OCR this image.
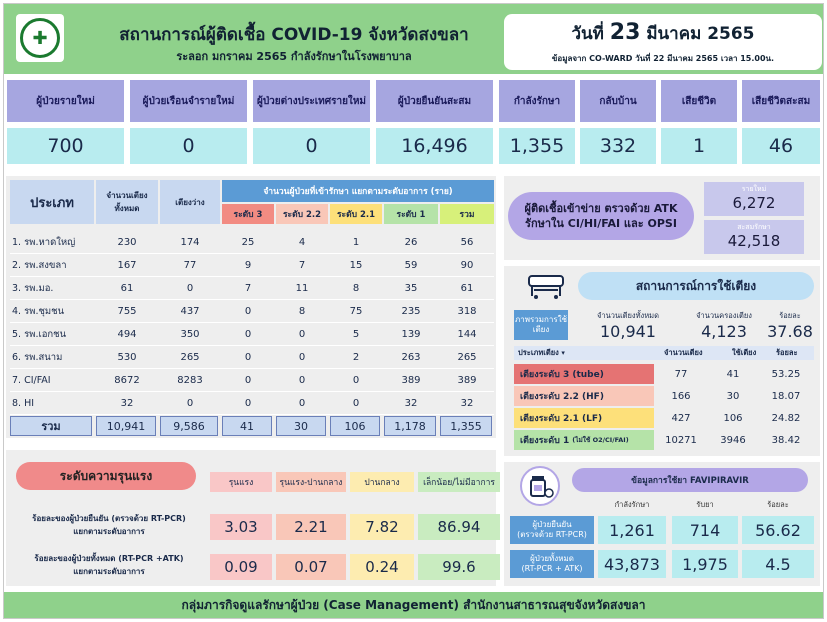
✚	สถานการณ์ผู้ติดเชื้อ COVID-19 จังหวัดสงขลา
ระลอก มกราคม 2565 กำลังรักษาในโรงพยาบาล
วันที่ 23 มีนาคม 2565
ข้อมูลจาก CO-WARD วันที่ 22 มีนาคม 2565 เวลา 15.00น.
ผู้ป่วยรายใหม่	ผู้ป่วยเรือนจำรายใหม่	ผู้ป่วยต่างประเทศรายใหม่	ผู้ป่วยยืนยันสะสม	กำลังรักษา	กลับบ้าน	เสียชีวิต	เสียชีวิตสะสม
700	0	0	16,496	1,355	332	1	46
ประเภท	จำนวนเตียงทั้งหมด
เตียงว่าง
จำนวนผู้ป่วยที่เข้ารักษา แยกตามระดับอาการ (ราย)
ระดับ 3	ระดับ 2.2	ระดับ 2.1	ระดับ 1	รวม
1. รพ.หาดใหญ่	230	174	25	4	1	26	56
2. รพ.สงขลา	167	77	9	7	15	59	90
3. รพ.มอ.	61	0	7	11	8	35	61
4. รพ.ชุมชน	755	437	0	8	75	235	318
5. รพ.เอกชน	494	350	0	0	5	139	144
6. รพ.สนาม	530	265	0	0	2	263	265
7. CI/FAI	8672	8283	0	0	0	389	389
8. HI	32	0	0	0	0	32	32
รวม	10,941	9,586	41	30	106	1,178	1,355
ระดับความรุนแรง
รุนแรง	รุนแรง-ปานกลาง	ปานกลาง	เล็กน้อย/ไม่มีอาการ
ร้อยละของผู้ป่วยยืนยัน (ตรวจด้วย RT-PCR)
แยกตามระดับอาการ	3.03	2.21	7.82	86.94
ร้อยละของผู้ป่วยทั้งหมด (RT-PCR +ATK)
แยกตามระดับอาการ	0.09	0.07	0.24	99.6
ผู้ติดเชื้อเข้าข่าย ตรวจด้วย ATK
รักษาใน CI/HI/FAI และ OPSI
รายใหม่
6,272
สะสมรักษา
42,518
สถานการณ์การใช้เตียง
ภาพรวมการใช้เตียง
จำนวนเตียงทั้งหมด	จำนวนครองเตียง	ร้อยละ
10,941	4,123	37.68
ประเภทเตียง ▾	จำนวนเตียง	ใช้เตียง	ร้อยละ
เตียงระดับ 3 (tube)	77	41	53.25
เตียงระดับ 2.2 (HF)	166	30	18.07
เตียงระดับ 2.1 (LF)	427	106	24.82
เตียงระดับ 1 (ไม่ใช้ O2/CI/FAI)	10271	3946	38.42
ข้อมูลการใช้ยา FAVIPIRAVIR
กำลังรักษา	รับยา	ร้อยละ
ผู้ป่วยยืนยัน
(ตรวจด้วย RT-PCR)	1,261	714	56.62
ผู้ป่วยทั้งหมด
(RT-PCR + ATK)	43,873	1,975	4.5
กลุ่มภารกิจดูแลรักษาผู้ป่วย (Case Management) สำนักงานสาธารณสุขจังหวัดสงขลา
